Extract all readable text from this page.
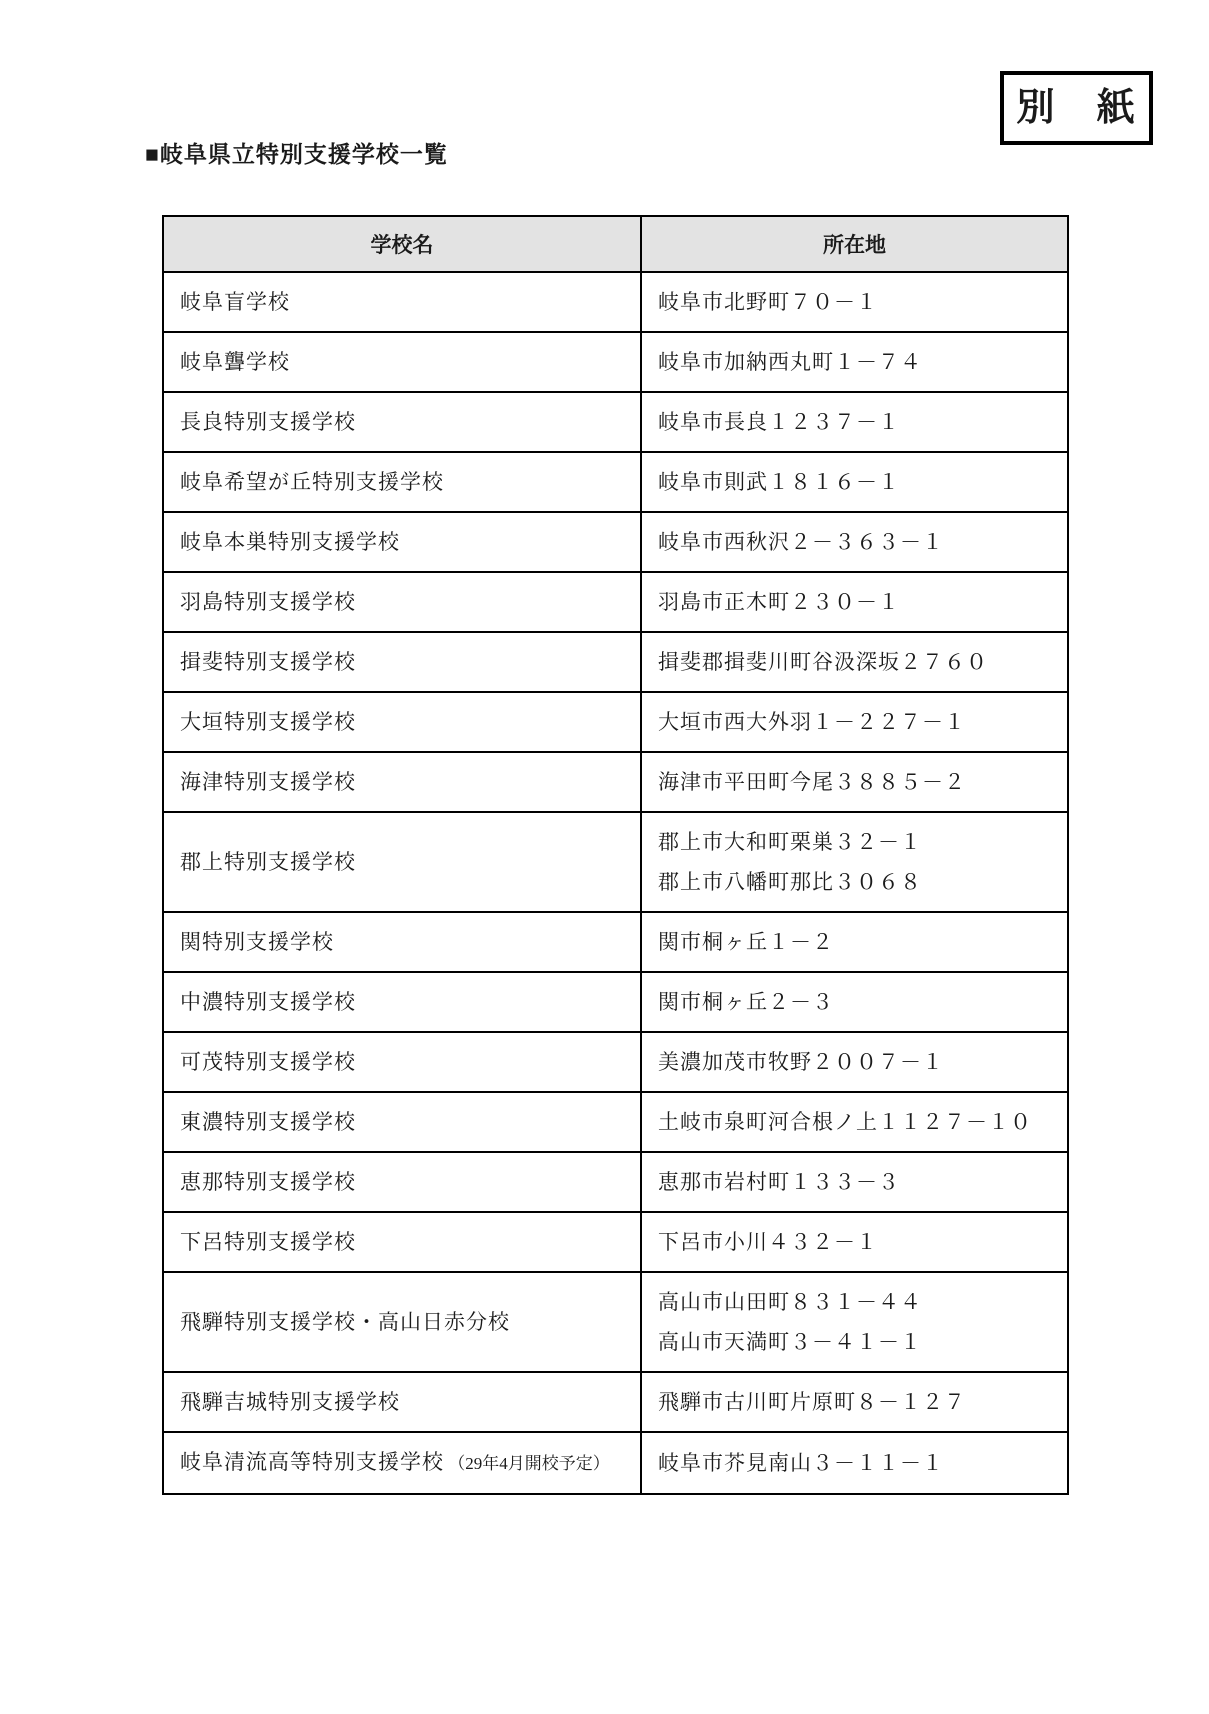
別　紙
■岐阜県立特別支援学校一覧
学校名	所在地
岐阜盲学校	岐阜市北野町７０－１

岐阜聾学校	岐阜市加納西丸町１－７４

長良特別支援学校	岐阜市長良１２３７－１

岐阜希望が丘特別支援学校	岐阜市則武１８１６－１

岐阜本巣特別支援学校	岐阜市西秋沢２－３６３－１

羽島特別支援学校	羽島市正木町２３０－１

揖斐特別支援学校	揖斐郡揖斐川町谷汲深坂２７６０

大垣特別支援学校	大垣市西大外羽１－２２７－１

海津特別支援学校	海津市平田町今尾３８８５－２

郡上特別支援学校	郡上市大和町栗巣３２－１
郡上市八幡町那比３０６８

関特別支援学校	関市桐ヶ丘１－２

中濃特別支援学校	関市桐ヶ丘２－３

可茂特別支援学校	美濃加茂市牧野２００７－１

東濃特別支援学校	土岐市泉町河合根ノ上１１２７－１０

恵那特別支援学校	恵那市岩村町１３３－３

下呂特別支援学校	下呂市小川４３２－１

飛騨特別支援学校・高山日赤分校	高山市山田町８３１－４４
高山市天満町３－４１－１

飛騨吉城特別支援学校	飛騨市古川町片原町８－１２７

岐阜清流高等特別支援学校 （29年4月開校予定）	岐阜市芥見南山３－１１－１
